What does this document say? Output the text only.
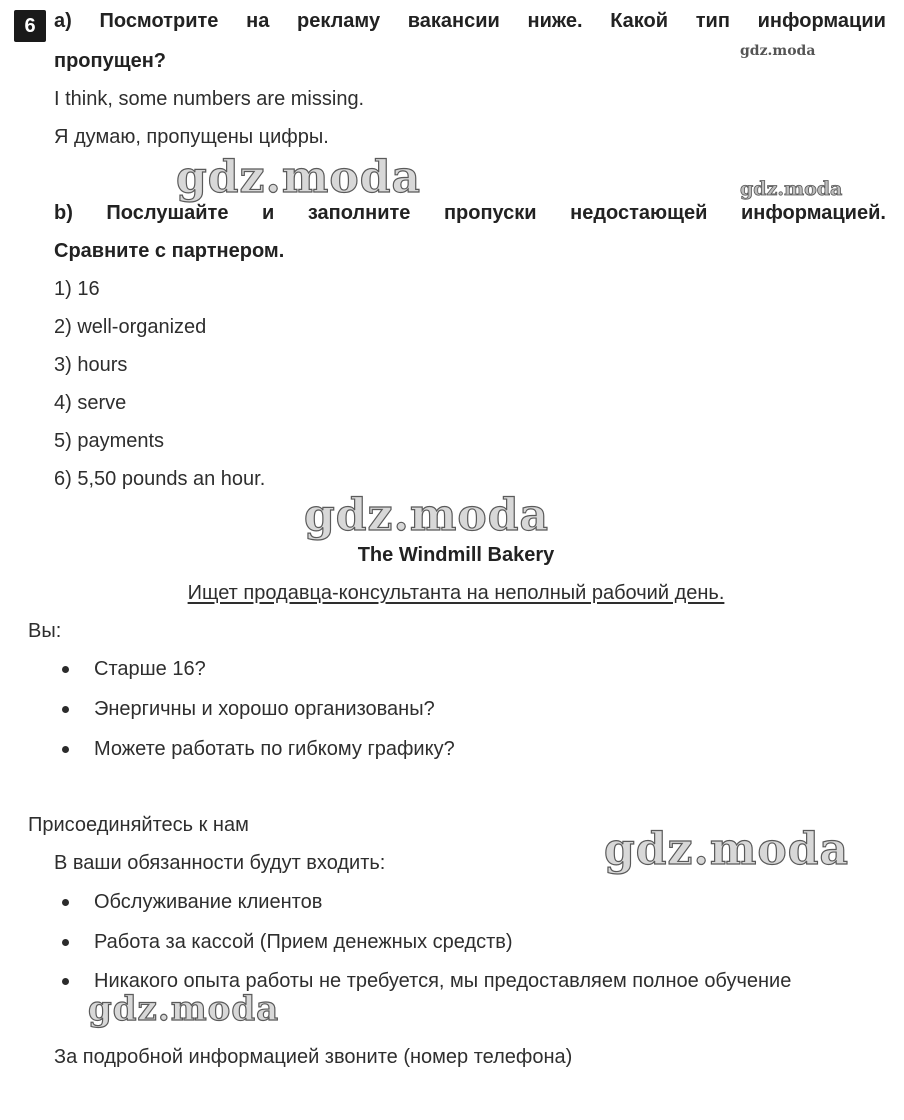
6 a) Посмотрите на рекламу вакансии ниже. Какой тип информации
пропущен?	gdz.moda
I think, some numbers are missing.
Я думаю, пропущены цифры.
gdz.moda	gdz.moda
b) Послушайте и заполните пропуски недостающей информацией.
Сравните с партнером.
1) 16
2) well-organized
3) hours
4) serve
5) payments
6) 5,50 pounds an hour.
gdz.moda
The Windmill Bakery
Ищет продавца-консультанта на неполный рабочий день.
Вы:
Старше 16?
Энергичны и хорошо организованы?
Можете работать по гибкому графику?
Присоединяйтесь к нам
В ваши обязанности будут входить:	gdz.moda
Обслуживание клиентов
Работа за кассой (Прием денежных средств)
Никакого опыта работы не требуется, мы предоставляем полное обучение
gdz.moda
За подробной информацией звоните (номер телефона)
